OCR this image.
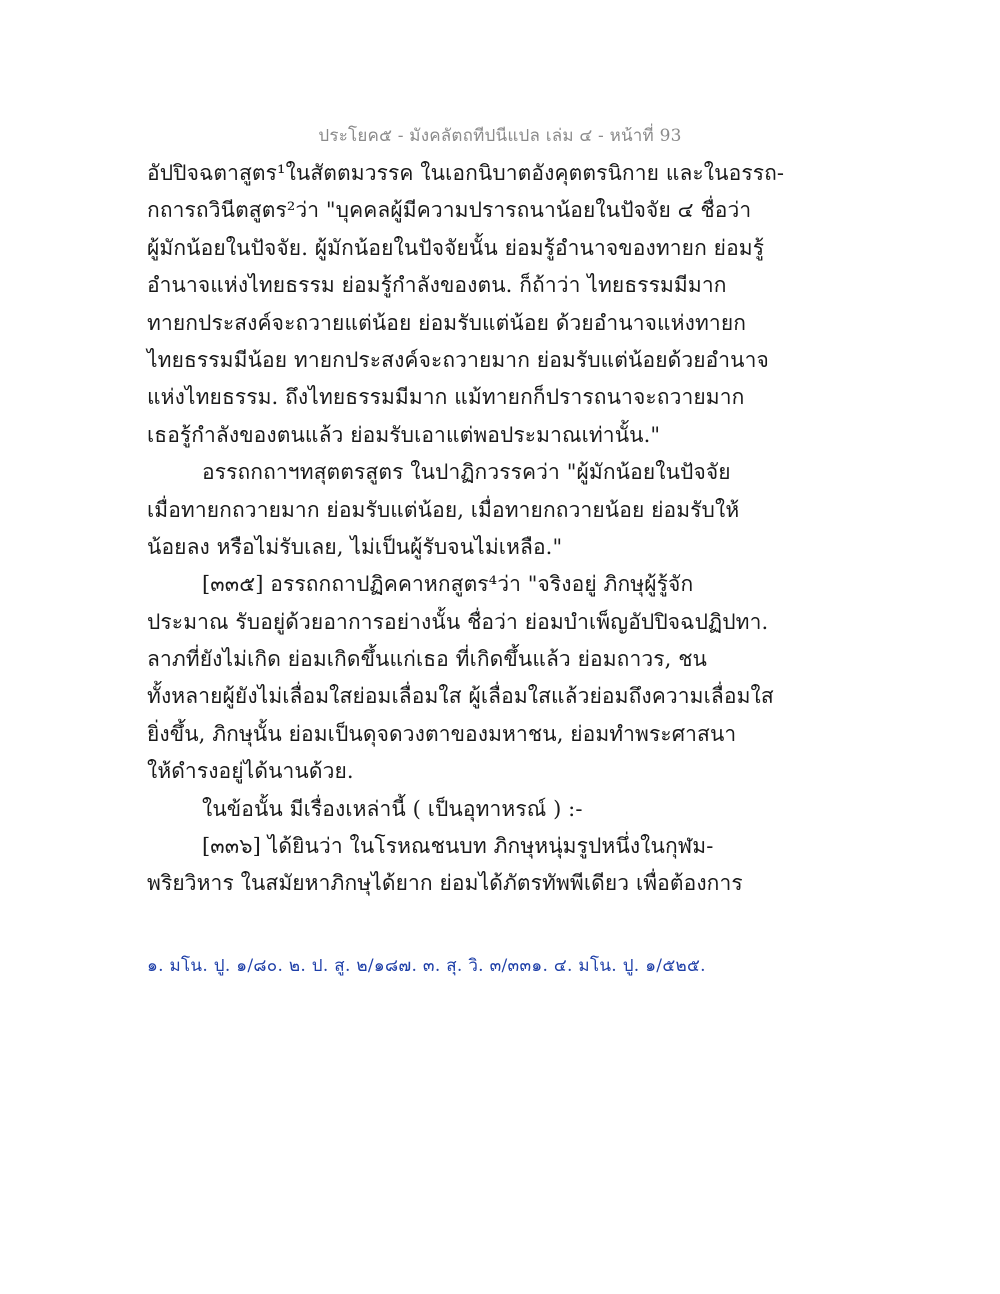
ประโยค๕ - มังคลัตถทีปนีแปล เล่ม ๔ - หน้าที่ 93
อัปปิจฉตาสูตร¹ในสัตตมวรรค ในเอกนิบาตอังคุตตรนิกาย และในอรรถ-
กถารถวินีตสูตร²ว่า "บุคคลผู้มีความปรารถนาน้อยในปัจจัย ๔ ชื่อว่า
ผู้มักน้อยในปัจจัย. ผู้มักน้อยในปัจจัยนั้น ย่อมรู้อำนาจของทายก ย่อมรู้
อำนาจแห่งไทยธรรม ย่อมรู้กำลังของตน. ก็ถ้าว่า ไทยธรรมมีมาก
ทายกประสงค์จะถวายแต่น้อย ย่อมรับแต่น้อย ด้วยอำนาจแห่งทายก
ไทยธรรมมีน้อย ทายกประสงค์จะถวายมาก ย่อมรับแต่น้อยด้วยอำนาจ
แห่งไทยธรรม. ถึงไทยธรรมมีมาก แม้ทายกก็ปรารถนาจะถวายมาก
เธอรู้กำลังของตนแล้ว ย่อมรับเอาแต่พอประมาณเท่านั้น."
อรรถกถาฯทสุตตรสูตร ในปาฏิกวรรคว่า "ผู้มักน้อยในปัจจัย
เมื่อทายกถวายมาก ย่อมรับแต่น้อย, เมื่อทายกถวายน้อย ย่อมรับให้
น้อยลง หรือไม่รับเลย, ไม่เป็นผู้รับจนไม่เหลือ."
[๓๓๕] อรรถกถาปฏิคคาหกสูตร⁴ว่า "จริงอยู่ ภิกษุผู้รู้จัก
ประมาณ รับอยู่ด้วยอาการอย่างนั้น ชื่อว่า ย่อมบำเพ็ญอัปปิจฉปฏิปทา.
ลาภที่ยังไม่เกิด ย่อมเกิดขึ้นแก่เธอ ที่เกิดขึ้นแล้ว ย่อมถาวร, ชน
ทั้งหลายผู้ยังไม่เลื่อมใสย่อมเลื่อมใส ผู้เลื่อมใสแล้วย่อมถึงความเลื่อมใส
ยิ่งขึ้น, ภิกษุนั้น ย่อมเป็นดุจดวงตาของมหาชน, ย่อมทำพระศาสนา
ให้ดำรงอยู่ได้นานด้วย.
ในข้อนั้น มีเรื่องเหล่านี้ ( เป็นอุทาหรณ์ ) :-
[๓๓๖] ได้ยินว่า ในโรหณชนบท ภิกษุหนุ่มรูปหนึ่งในกุฬม-
พริยวิหาร ในสมัยหาภิกษุได้ยาก ย่อมได้ภัตรทัพพีเดียว เพื่อต้องการ
๑. มโน. ปู. ๑/๘๐. ๒. ป. สู. ๒/๑๘๗. ๓. สุ. วิ. ๓/๓๓๑. ๔. มโน. ปู. ๑/๕๒๕.
